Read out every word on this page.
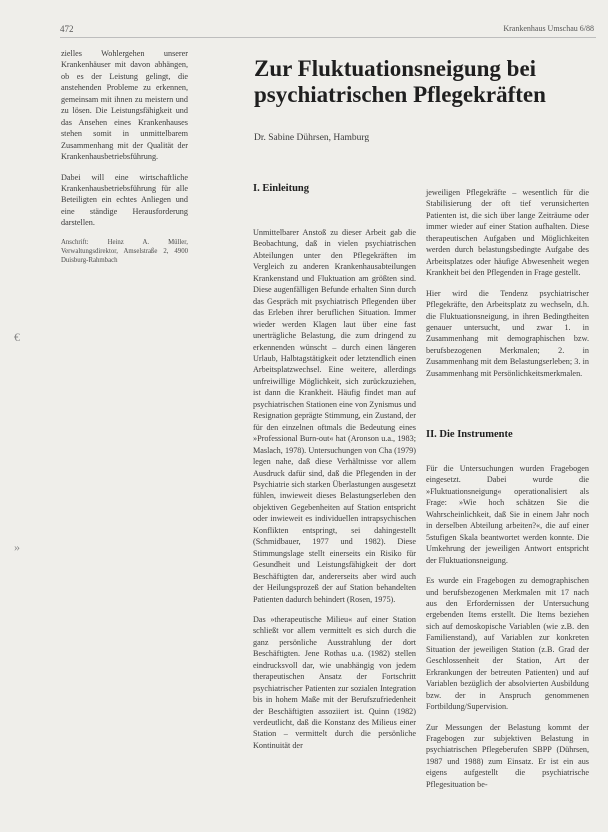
472	Krankenhaus Umschau 6/88

zielles Wohlergehen unserer Krankenhäuser mit davon abhängen, ob es der Leistung gelingt, die anstehenden Probleme zu erkennen, gemeinsam mit ihnen zu meistern und zu lösen. Die Leistungsfähigkeit und das Ansehen eines Krankenhauses stehen somit in unmittelbarem Zusammenhang mit der Qualität der Krankenhausbetriebsführung.

Dabei will eine wirtschaftliche Krankenhausbetriebsführung für alle Beteiligten ein echtes Anliegen und eine ständige Herausforderung darstellen.

Anschrift: Heinz A. Müller, Verwaltungsdirektor, Amselstraße 2, 4900 Duisburg-Rahmbach

Zur Fluktuationsneigung bei psychiatrischen Pflegekräften
Dr. Sabine Dührsen, Hamburg
I. Einleitung

Unmittelbarer Anstoß zu dieser Arbeit gab die Beobachtung, daß in vielen psychiatrischen Abteilungen unter den Pflegekräften im Vergleich zu anderen Krankenhausabteilungen Krankenstand und Fluktuation am größten sind. Diese augenfälligen Befunde erhalten Sinn durch das Gespräch mit psychiatrisch Pflegenden über das Erleben ihrer beruflichen Situation. Immer wieder werden Klagen laut über eine fast unerträgliche Belastung, die zum dringend zu erkennenden wünscht – durch einen längeren Urlaub, Halbtagstätigkeit oder letztendlich einen Arbeitsplatzwechsel. Eine weitere, allerdings unfreiwillige Möglichkeit, sich zurückzuziehen, ist dann die Krankheit. Häufig findet man auf psychiatrischen Stationen eine von Zynismus und Resignation geprägte Stimmung, ein Zustand, der für den einzelnen oftmals die Bedeutung eines »Professional Burn-out« hat (Aronson u.a., 1983; Maslach, 1978). Untersuchungen von Cha (1979) legen nahe, daß diese Verhältnisse vor allem Ausdruck dafür sind, daß die Pflegenden in der Psychiatrie sich starken Überlastungen ausgesetzt fühlen, inwieweit dieses Belastungserleben den objektiven Gegebenheiten auf Station entspricht oder inwieweit es individuellen intrapsychischen Konflikten entspringt, sei dahingestellt (Schmidbauer, 1977 und 1982). Diese Stimmungslage stellt einerseits ein Risiko für Gesundheit und Leistungsfähigkeit der dort Beschäftigten dar, andererseits aber wird auch der Heilungsprozeß der auf Station behandelten Patienten dadurch behindert (Rosen, 1975).

Das »therapeutische Milieu« auf einer Station schließt vor allem vermittelt es sich durch die ganz persönliche Ausstrahlung der dort Beschäftigten. Jene Rothas u.a. (1982) stellen eindrucksvoll dar, wie unabhängig von jedem therapeutischen Ansatz der Fortschritt psychiatrischer Patienten zur sozialen Integration bis in hohem Maße mit der Berufszufriedenheit der Beschäftigten assoziiert ist. Quinn (1982) verdeutlicht, daß die Konstanz des Milieus einer Station – vermittelt durch die persönliche Kontinuität der

jeweiligen Pflegekräfte – wesentlich für die Stabilisierung der oft tief verunsicherten Patienten ist, die sich über lange Zeiträume oder immer wieder auf einer Station aufhalten. Diese therapeutischen Aufgaben und Möglichkeiten werden durch belastungsbedingte Aufgabe des Arbeitsplatzes oder häufige Abwesenheit wegen Krankheit bei den Pflegenden in Frage gestellt.

Hier wird die Tendenz psychiatrischer Pflegekräfte, den Arbeitsplatz zu wechseln, d.h. die Fluktuationsneigung, in ihren Bedingtheiten genauer untersucht, und zwar 1. in Zusammenhang mit demographischen bzw. berufsbezogenen Merkmalen; 2. in Zusammenhang mit dem Belastungserleben; 3. in Zusammenhang mit Persönlichkeitsmerkmalen.

II. Die Instrumente

Für die Untersuchungen wurden Fragebogen eingesetzt. Dabei wurde die »Fluktuationsneigung« operationalisiert als Frage: »Wie hoch schätzen Sie die Wahrscheinlichkeit, daß Sie in einem Jahr noch in derselben Abteilung arbeiten?«, die auf einer 5stufigen Skala beantwortet werden konnte. Die Umkehrung der jeweiligen Antwort entspricht der Fluktuationsneigung.

Es wurde ein Fragebogen zu demographischen und berufsbezogenen Merkmalen mit 17 nach aus den Erfordernissen der Untersuchung ergebenden Items erstellt. Die Items beziehen sich auf demoskopische Variablen (wie z.B. den Familienstand), auf Variablen zur konkreten Situation der jeweiligen Station (z.B. Grad der Geschlossenheit der Station, Art der Erkrankungen der betreuten Patienten) und auf Variablen bezüglich der absolvierten Ausbildung bzw. der in Anspruch genommenen Fortbildung/Supervision.

Zur Messungen der Belastung kommt der Fragebogen zur subjektiven Belastung in psychiatrischen Pflegeberufen SBPP (Dührsen, 1987 und 1988) zum Einsatz. Er ist ein aus eigens aufgestellt die psychiatrische Pflegesituation be-

€
»
